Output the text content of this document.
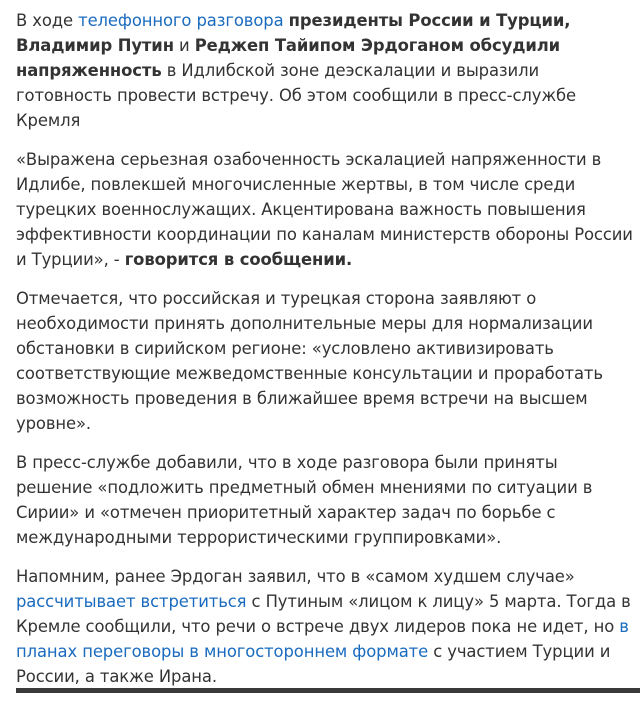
В ходе телефонного разговора президенты России и Турции, Владимир Путин и Реджеп Тайипом Эрдоганом обсудили напряженность в Идлибской зоне деэскалации и выразили готовность провести встречу. Об этом сообщили в пресс-службе Кремля

«Выражена серьезная озабоченность эскалацией напряженности в Идлибе, повлекшей многочисленные жертвы, в том числе среди турецких военнослужащих. Акцентирована важность повышения эффективности координации по каналам министерств обороны России и Турции», - говорится в сообщении.

Отмечается, что российская и турецкая сторона заявляют о необходимости принять дополнительные меры для нормализации обстановки в сирийском регионе: «условлено активизировать соответствующие межведомственные консультации и проработать возможность проведения в ближайшее время встречи на высшем уровне».

В пресс-службе добавили, что в ходе разговора были приняты решение «подложить предметный обмен мнениями по ситуации в Сирии» и «отмечен приоритетный характер задач по борьбе с международными террористическими группировками».

Напомним, ранее Эрдоган заявил, что в «самом худшем случае» рассчитывает встретиться с Путиным «лицом к лицу» 5 марта. Тогда в Кремле сообщили, что речи о встрече двух лидеров пока не идет, но в планах переговоры в многостороннем формате с участием Турции и России, а также Ирана.
